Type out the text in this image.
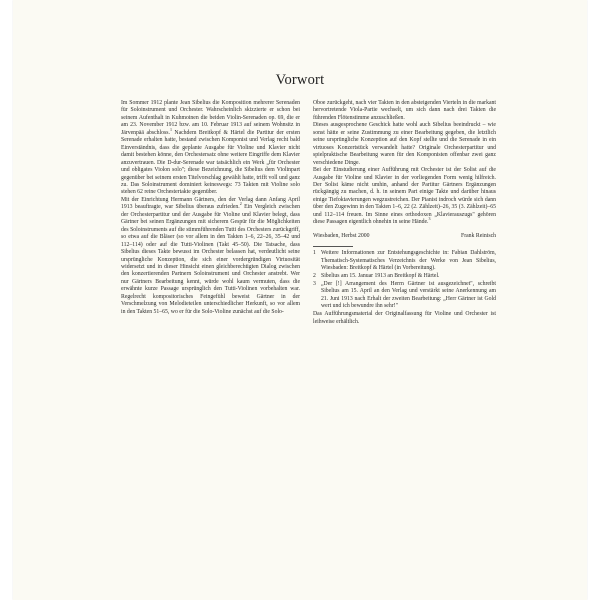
Vorwort

Im Sommer 1912 plante Jean Sibelius die Komposition mehrerer Serenaden für Soloinstrument und Orchester. Wahrscheinlich skizzierte er schon bei seinem Aufenthalt in Kuhmoinen die beiden Violin-Serenaden op. 69, die er am 23. November 1912 bzw. am 10. Februar 1913 auf seinem Wohnsitz in Järvenpää abschloss.$^1$ Nachdem Breitkopf & Härtel die Partitur der ersten Serenade erhalten hatte, bestand zwischen Komponist und Verlag recht bald Einverständnis, dass die geplante Ausgabe für Violine und Klavier nicht damit bestehen könne, den Orchestersatz ohne weitere Eingriffe dem Klavier anzuvertrauen. Die D-dur-Serenade war tatsächlich ein Werk „für Orchester und obligates Violon solo"; diese Bezeichnung, die Sibelius dem Violinpart gegenüber bei seinem ersten Titelvorschlag gewählt hatte, trifft voll und ganz zu. Das Soloinstrument dominiert keineswegs: 73 Takten mit Violine solo stehen 62 reine Orchestertakte gegenüber.

Mit der Einrichtung Hermann Gärtners, den der Verlag dann Anfang April 1913 beauftragte, war Sibelius überaus zufrieden.$^2$ Ein Vergleich zwischen der Orchesterpartitur und der Ausgabe für Violine und Klavier belegt, dass Gärtner bei seinen Ergänzungen mit sicherem Gespür für die Möglichkeiten des Soloinstruments auf die stimmführenden Tutti des Orchesters zurückgriff, so etwa auf die Bläser (so vor allem in den Takten 1–6, 22–26, 35–42 und 112–114) oder auf die Tutti-Violinen (Takt 45–50). Die Tatsache, dass Sibelius dieses Takte bewusst im Orchester belassen hat, verdeutlicht seine ursprüngliche Konzeption, die sich einer vordergründigen Virtuosität widersetzt und in dieser Hinsicht einen gleichberechtigten Dialog zwischen den konzertierenden Partnern Soloinstrument und Orchester anstrebt. Wer nur Gärtners Bearbeitung kennt, würde wohl kaum vermuten, dass die erwähnte kurze Passage ursprünglich den Tutti-Violinen vorbehalten war. Regelrecht kompositorisches Feingefühl beweist Gärtner in der Verschmelzung von Melodieteilen unterschiedlicher Herkunft, so vor allem in den Takten 51–65, wo er für die Solo-Violine zunächst auf die Solo-

Oboe zurückgeht, nach vier Takten in den absteigenden Vierteln in die markant hervortretende Viola-Partie wechselt, um sich dann nach drei Takten die führenden Flötenstimme anzuschließen.

Dieses ausgesprochene Geschick hatte wohl auch Sibelius beeindruckt – wie sonst hätte er seine Zustimmung zu einer Bearbeitung gegeben, die letztlich seine ursprüngliche Konzeption auf den Kopf stellte und die Serenade in ein virtuoses Konzertstück verwandelt hatte? Originale Orchesterpartitur und spielpraktische Bearbeitung waren für den Komponisten offenbar zwei ganz verschiedene Dinge.

Bei der Einstudierung einer Aufführung mit Orchester ist der Solist auf die Ausgabe für Violine und Klavier in der vorliegenden Form wenig hilfreich. Der Solist käme nicht umhin, anhand der Partitur Gärtners Ergänzungen rückgängig zu machen, d. h. in seinem Part einige Takte und darüber hinaus einige Tiefoktavierungen wegzustreichen. Der Pianist indroch würde sich dann über den Zugewinn in den Takten 1–6, 22 (2. Zählzeit)–26, 35 (3. Zählzeit)–65 und 112–114 freuen. Im Sinne eines orthodoxen „Klavierauszugs" gehören diese Passagen eigentlich ohnehin in seine Hände.$^3$

Wiesbaden, Herbst 2000	Frank Reinisch
1 Weitere Informationen zur Entstehungsgeschichte in: Fabian Dahlström, Thematisch-Systematisches Verzeichnis der Werke von Jean Sibelius, Wiesbaden: Breitkopf & Härtel (in Vorbereitung).
2 Sibelius am 15. Januar 1913 an Breitkopf & Härtel.
3 „Der [!] Arrangement des Herrn Gärtner ist ausgezeichnet", schreibt Sibelius am 15. April an den Verlag und verstärkt seine Anerkennung am 21. Juni 1913 nach Erhalt der zweiten Bearbeitung: „Herr Gärtner ist Gold wert und ich bewundre ihn sehr!"

Das Aufführungsmaterial der Originalfassung für Violine und Orchester ist leihweise erhältlich.
